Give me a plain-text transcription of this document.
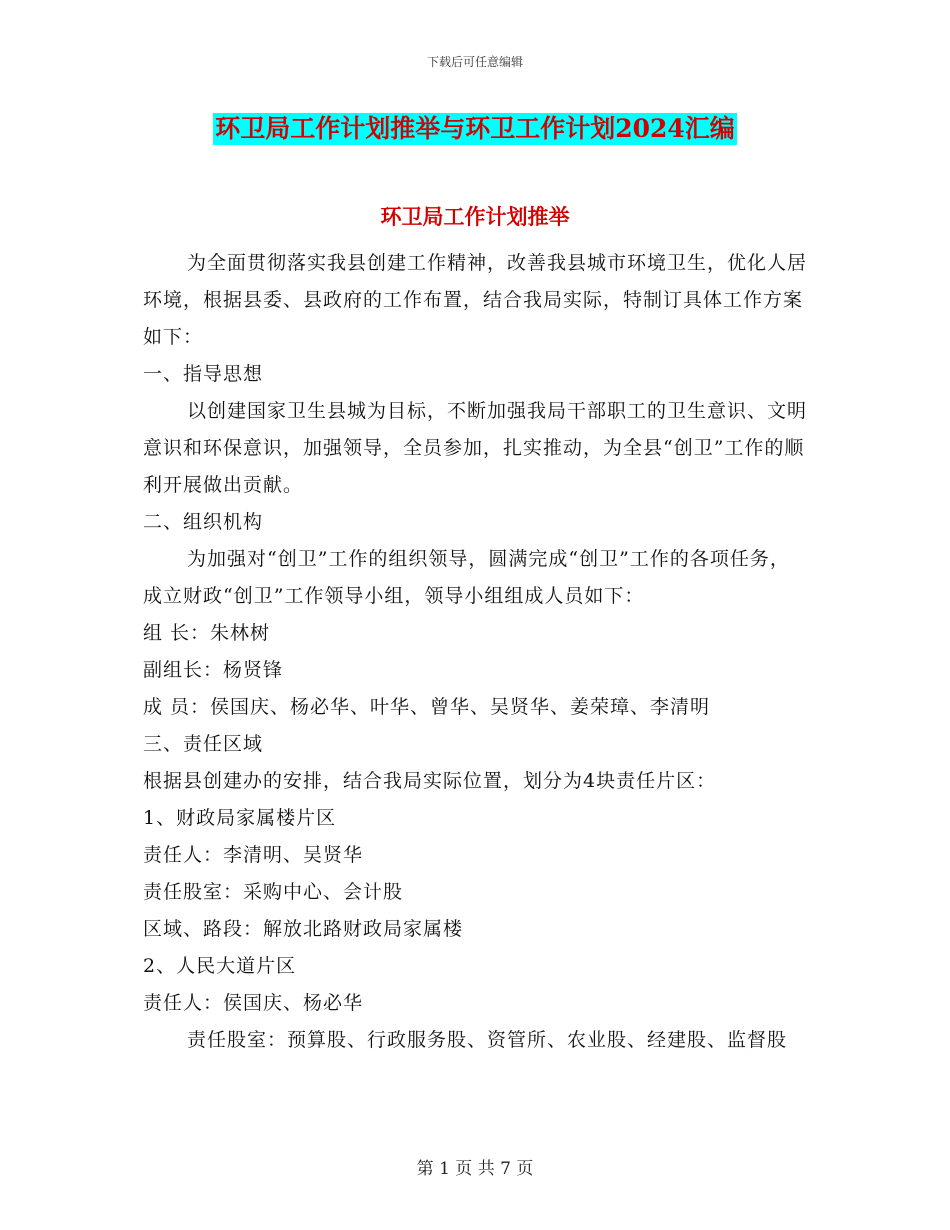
下载后可任意编辑
环卫局工作计划推举与环卫工作计划2024汇编
环卫局工作计划推举

为全面贯彻落实我县创建工作精神，改善我县城市环境卫生，优化人居环境，根据县委、县政府的工作布置，结合我局实际，特制订具体工作方案如下：

一、指导思想

以创建国家卫生县城为目标，不断加强我局干部职工的卫生意识、文明意识和环保意识，加强领导，全员参加，扎实推动，为全县“创卫”工作的顺利开展做出贡献。

二、组织机构

为加强对“创卫”工作的组织领导，圆满完成“创卫”工作的各项任务，成立财政“创卫”工作领导小组，领导小组组成人员如下：

组 长：朱林树

副组长：杨贤锋

成 员：侯国庆、杨必华、叶华、曾华、吴贤华、姜荣璋、李清明

三、责任区域

根据县创建办的安排，结合我局实际位置，划分为4块责任片区：

1、财政局家属楼片区

责任人：李清明、吴贤华

责任股室：采购中心、会计股

区域、路段：解放北路财政局家属楼

2、人民大道片区

责任人：侯国庆、杨必华

责任股室：预算股、行政服务股、资管所、农业股、经建股、监督股

第 1 页 共 7 页
